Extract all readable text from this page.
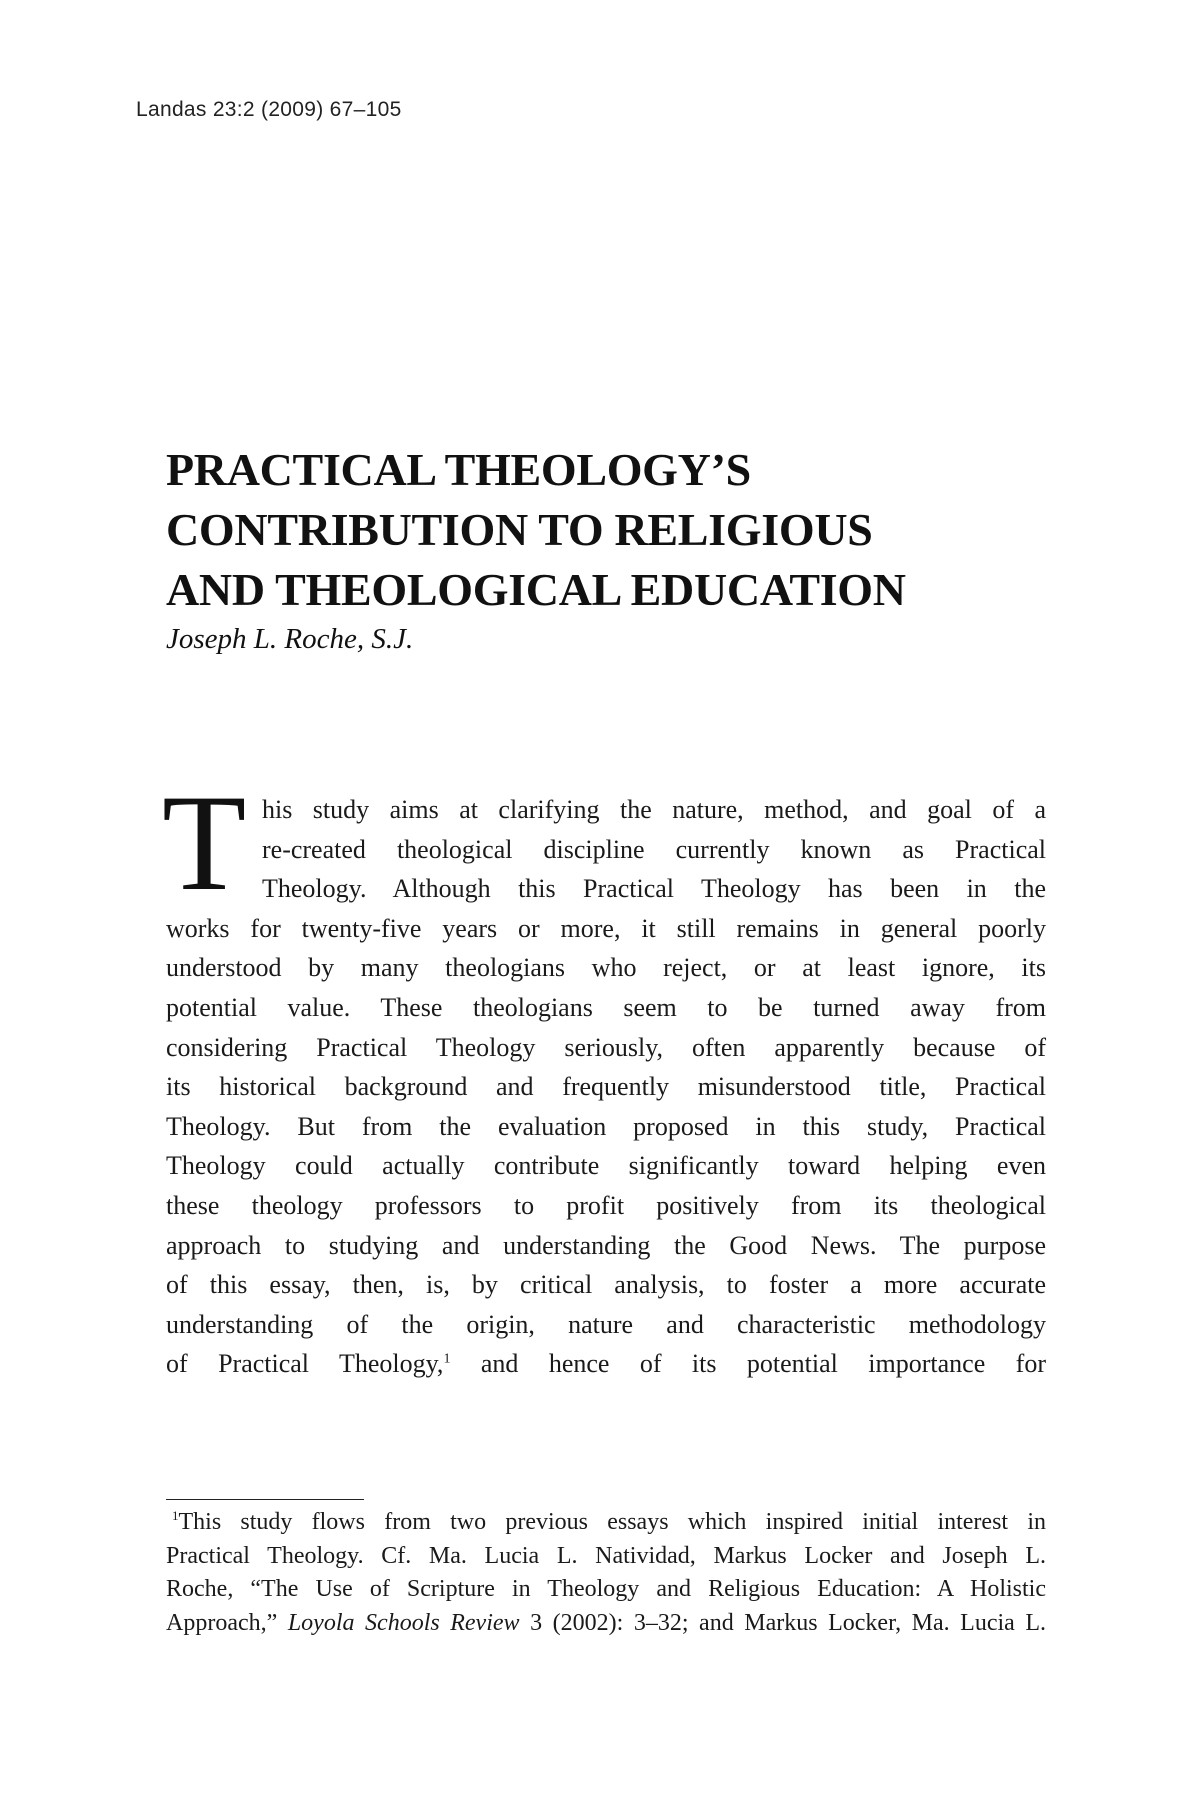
Landas 23:2 (2009) 67–105
PRACTICAL THEOLOGY’S
CONTRIBUTION TO RELIGIOUS
AND THEOLOGICAL EDUCATION
Joseph L. Roche, S.J.
T his study aims at clarifying the nature, method, and goal of a
re-created theological discipline currently known as Practical
Theology. Although this Practical Theology has been in the
works for twenty-five years or more, it still remains in general poorly
understood by many theologians who reject, or at least ignore, its
potential value. These theologians seem to be turned away from
considering Practical Theology seriously, often apparently because of
its historical background and frequently misunderstood title, Practical
Theology. But from the evaluation proposed in this study, Practical
Theology could actually contribute significantly toward helping even
these theology professors to profit positively from its theological
approach to studying and understanding the Good News. The purpose
of this essay, then, is, by critical analysis, to foster a more accurate
understanding of the origin, nature and characteristic methodology
of Practical Theology,$^1$ and hence of its potential importance for
$^1$This study flows from two previous essays which inspired initial interest in
Practical Theology. Cf. Ma. Lucia L. Natividad, Markus Locker and Joseph L.
Roche, “The Use of Scripture in Theology and Religious Education: A Holistic
Approach,” Loyola Schools Review 3 (2002): 3–32; and Markus Locker, Ma. Lucia L.
